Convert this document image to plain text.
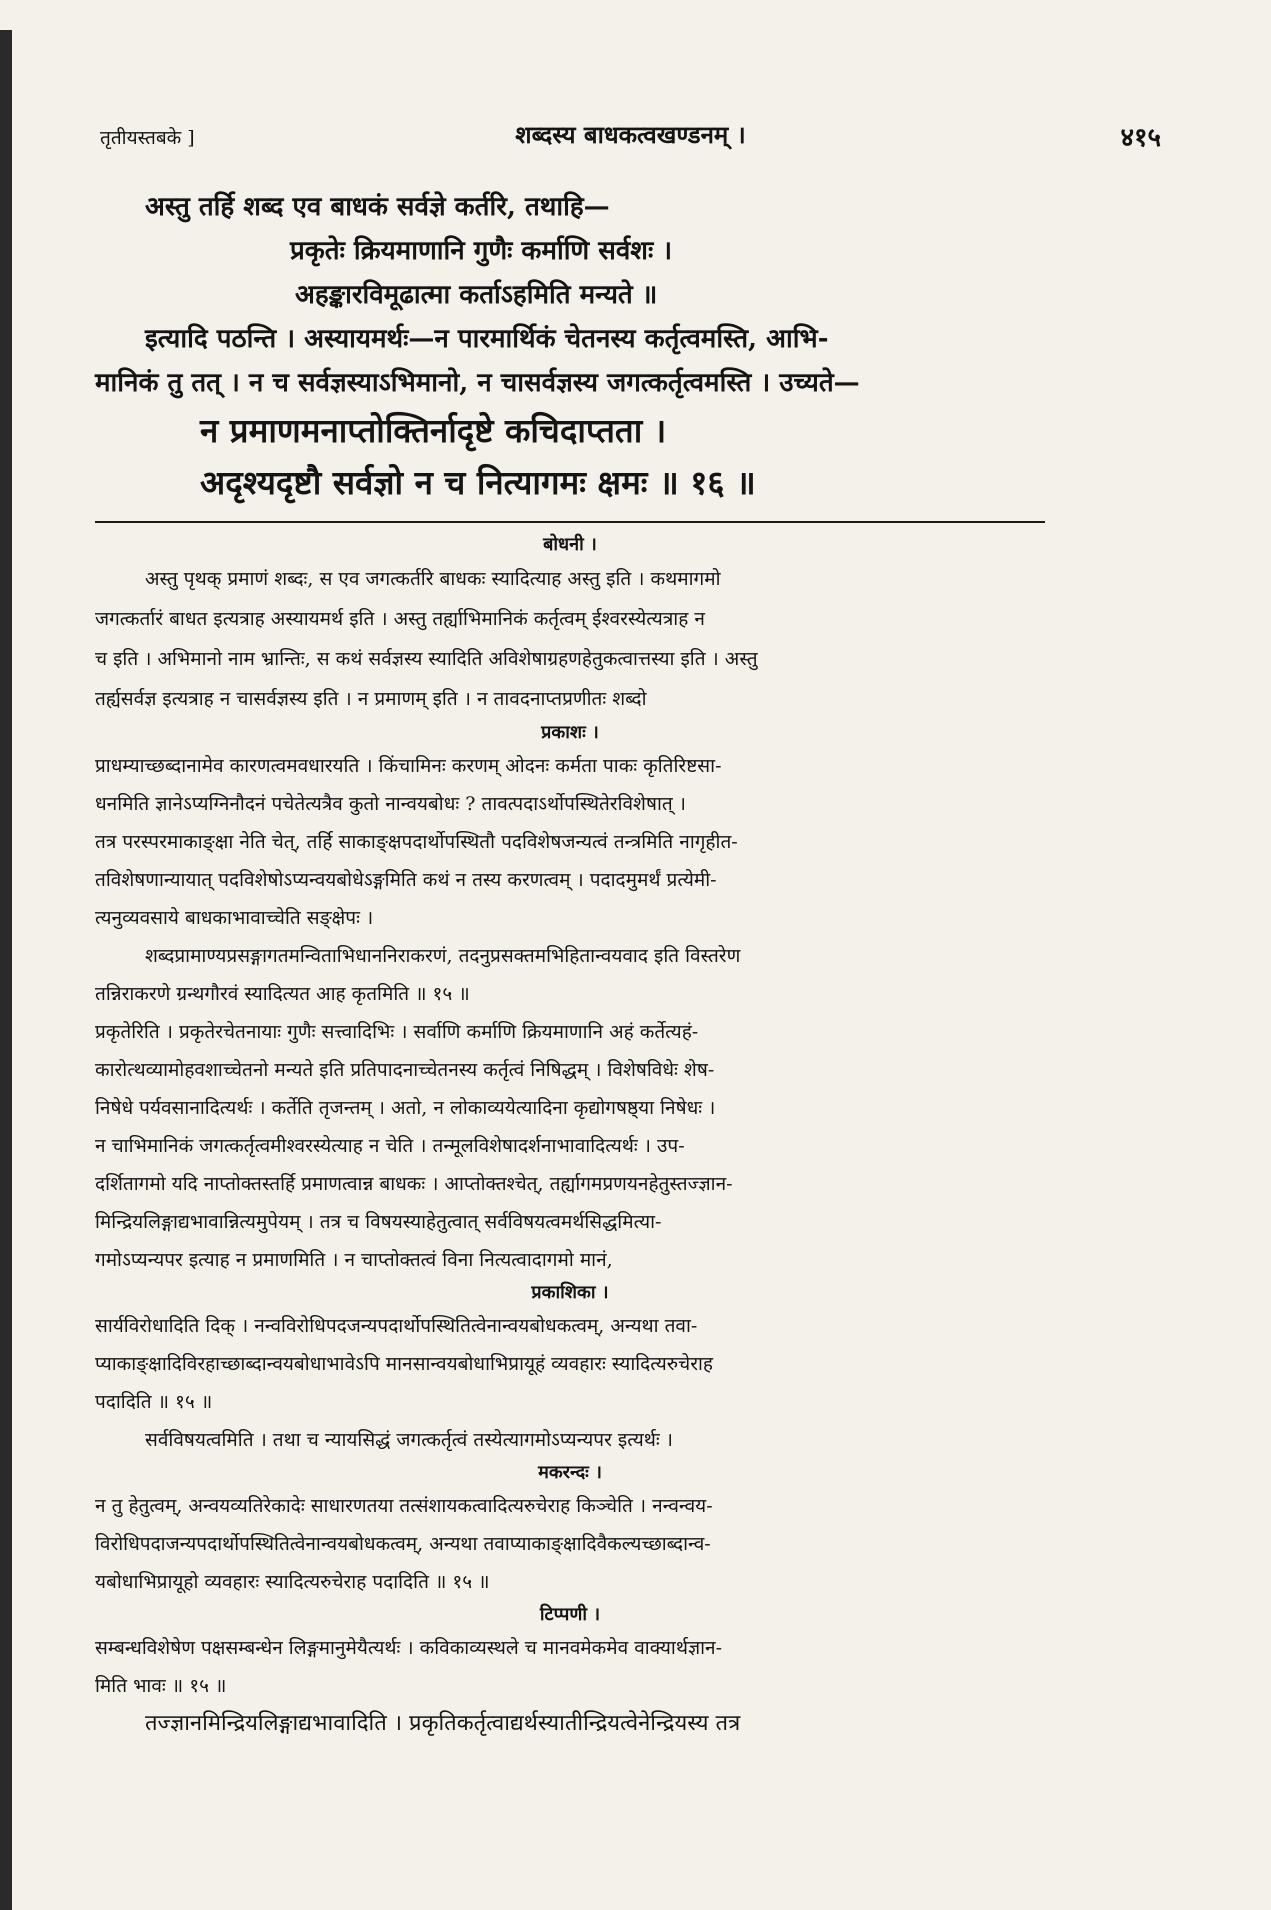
तृतीयस्तबके ]	शब्दस्य बाधकत्वखण्डनम् ।	४१५

अस्तु तर्हि शब्द एव बाधकं सर्वज्ञे कर्तरि, तथाहि—

प्रकृतेः क्रियमाणानि गुणैः कर्माणि सर्वशः ।

अहङ्कारविमूढात्मा कर्ताऽहमिति मन्यते ॥

इत्यादि पठन्ति । अस्यायमर्थः—न पारमार्थिकं चेतनस्य कर्तृत्वमस्ति, आभि-

मानिकं तु तत् । न च सर्वज्ञस्याऽभिमानो, न चासर्वज्ञस्य जगत्कर्तृत्वमस्ति । उच्यते—

न प्रमाणमनाप्तोक्तिर्नादृष्टे कचिदाप्तता ।

अदृश्यदृष्टौ सर्वज्ञो न च नित्यागमः क्षमः ॥ १६ ॥

बोधनी ।

अस्तु पृथक् प्रमाणं शब्दः, स एव जगत्कर्तरि बाधकः स्यादित्याह अस्तु इति । कथमागमो

जगत्कर्तारं बाधत इत्यत्राह अस्यायमर्थ इति । अस्तु तर्ह्याभिमानिकं कर्तृत्वम् ईश्वरस्येत्यत्राह न

च इति । अभिमानो नाम भ्रान्तिः, स कथं सर्वज्ञस्य स्यादिति अविशेषाग्रहणहेतुकत्वात्तस्या इति । अस्तु

तर्ह्यसर्वज्ञ इत्यत्राह न चासर्वज्ञस्य इति । न प्रमाणम् इति । न तावदनाप्तप्रणीतः शब्दो

प्रकाशः ।

प्राधम्याच्छब्दानामेव कारणत्वमवधारयति । किंचामिनः करणम् ओदनः कर्मता पाकः कृतिरिष्टसा-

धनमिति ज्ञानेऽप्यग्निनौदनं पचेतेत्यत्रैव कुतो नान्वयबोधः ? तावत्पदाऽर्थोपस्थितेरविशेषात् ।

तत्र परस्परमाकाङ्क्षा नेति चेत्, तर्हि साकाङ्क्षपदार्थोपस्थितौ पदविशेषजन्यत्वं तन्त्रमिति नागृहीत-

तविशेषणान्यायात् पदविशेषोऽप्यन्वयबोधेऽङ्गमिति कथं न तस्य करणत्वम् । पदादमुमर्थं प्रत्येमी-

त्यनुव्यवसाये बाधकाभावाच्चेति सङ्क्षेपः ।

शब्दप्रामाण्यप्रसङ्गागतमन्विताभिधाननिराकरणं, तदनुप्रसक्तमभिहितान्वयवाद इति विस्तरेण

तन्निराकरणे ग्रन्थगौरवं स्यादित्यत आह कृतमिति ॥ १५ ॥

प्रकृतेरिति । प्रकृतेरचेतनायाः गुणैः सत्त्वादिभिः । सर्वाणि कर्माणि क्रियमाणानि अहं कर्तेत्यहं-

कारोत्थव्यामोहवशाच्चेतनो मन्यते इति प्रतिपादनाच्चेतनस्य कर्तृत्वं निषिद्धम् । विशेषविधेः शेष-

निषेधे पर्यवसानादित्यर्थः । कर्तेति तृजन्तम् । अतो, न लोकाव्ययेत्यादिना कृद्योगषष्ठ्या निषेधः ।

न चाभिमानिकं जगत्कर्तृत्वमीश्वरस्येत्याह न चेति । तन्मूलविशेषादर्शनाभावादित्यर्थः । उप-

दर्शितागमो यदि नाप्तोक्तस्तर्हि प्रमाणत्वान्न बाधकः । आप्तोक्तश्चेत्, तर्ह्यागमप्रणयनहेतुस्तज्ज्ञान-

मिन्द्रियलिङ्गाद्यभावान्नित्यमुपेयम् । तत्र च विषयस्याहेतुत्वात् सर्वविषयत्वमर्थसिद्धमित्या-

गमोऽप्यन्यपर इत्याह न प्रमाणमिति । न चाप्तोक्तत्वं विना नित्यत्वादागमो मानं,

प्रकाशिका ।

सार्यविरोधादिति दिक् । नन्वविरोधिपदजन्यपदार्थोपस्थितित्वेनान्वयबोधकत्वम्, अन्यथा तवा-

प्याकाङ्क्षादिविरहाच्छाब्दान्वयबोधाभावेऽपि मानसान्वयबोधाभिप्रायूहं व्यवहारः स्यादित्यरुचेराह

पदादिति ॥ १५ ॥

सर्वविषयत्वमिति । तथा च न्यायसिद्धं जगत्कर्तृत्वं तस्येत्यागमोऽप्यन्यपर इत्यर्थः ।

मकरन्दः ।

न तु हेतुत्वम्, अन्वयव्यतिरेकादेः साधारणतया तत्संशायकत्वादित्यरुचेराह किञ्चेति । नन्वन्वय-

विरोधिपदाजन्यपदार्थोपस्थितित्वेनान्वयबोधकत्वम्, अन्यथा तवाप्याकाङ्क्षादिवैकल्यच्छाब्दान्व-

यबोधाभिप्रायूहो व्यवहारः स्यादित्यरुचेराह पदादिति ॥ १५ ॥

टिप्पणी ।

सम्बन्धविशेषेण पक्षसम्बन्धेन लिङ्गमानुमेयैत्यर्थः । कविकाव्यस्थले च मानवमेकमेव वाक्यार्थज्ञान-

मिति भावः ॥ १५ ॥

तज्ज्ञानमिन्द्रियलिङ्गाद्यभावादिति । प्रकृतिकर्तृत्वाद्यर्थस्यातीन्द्रियत्वेनेन्द्रियस्य तत्र
